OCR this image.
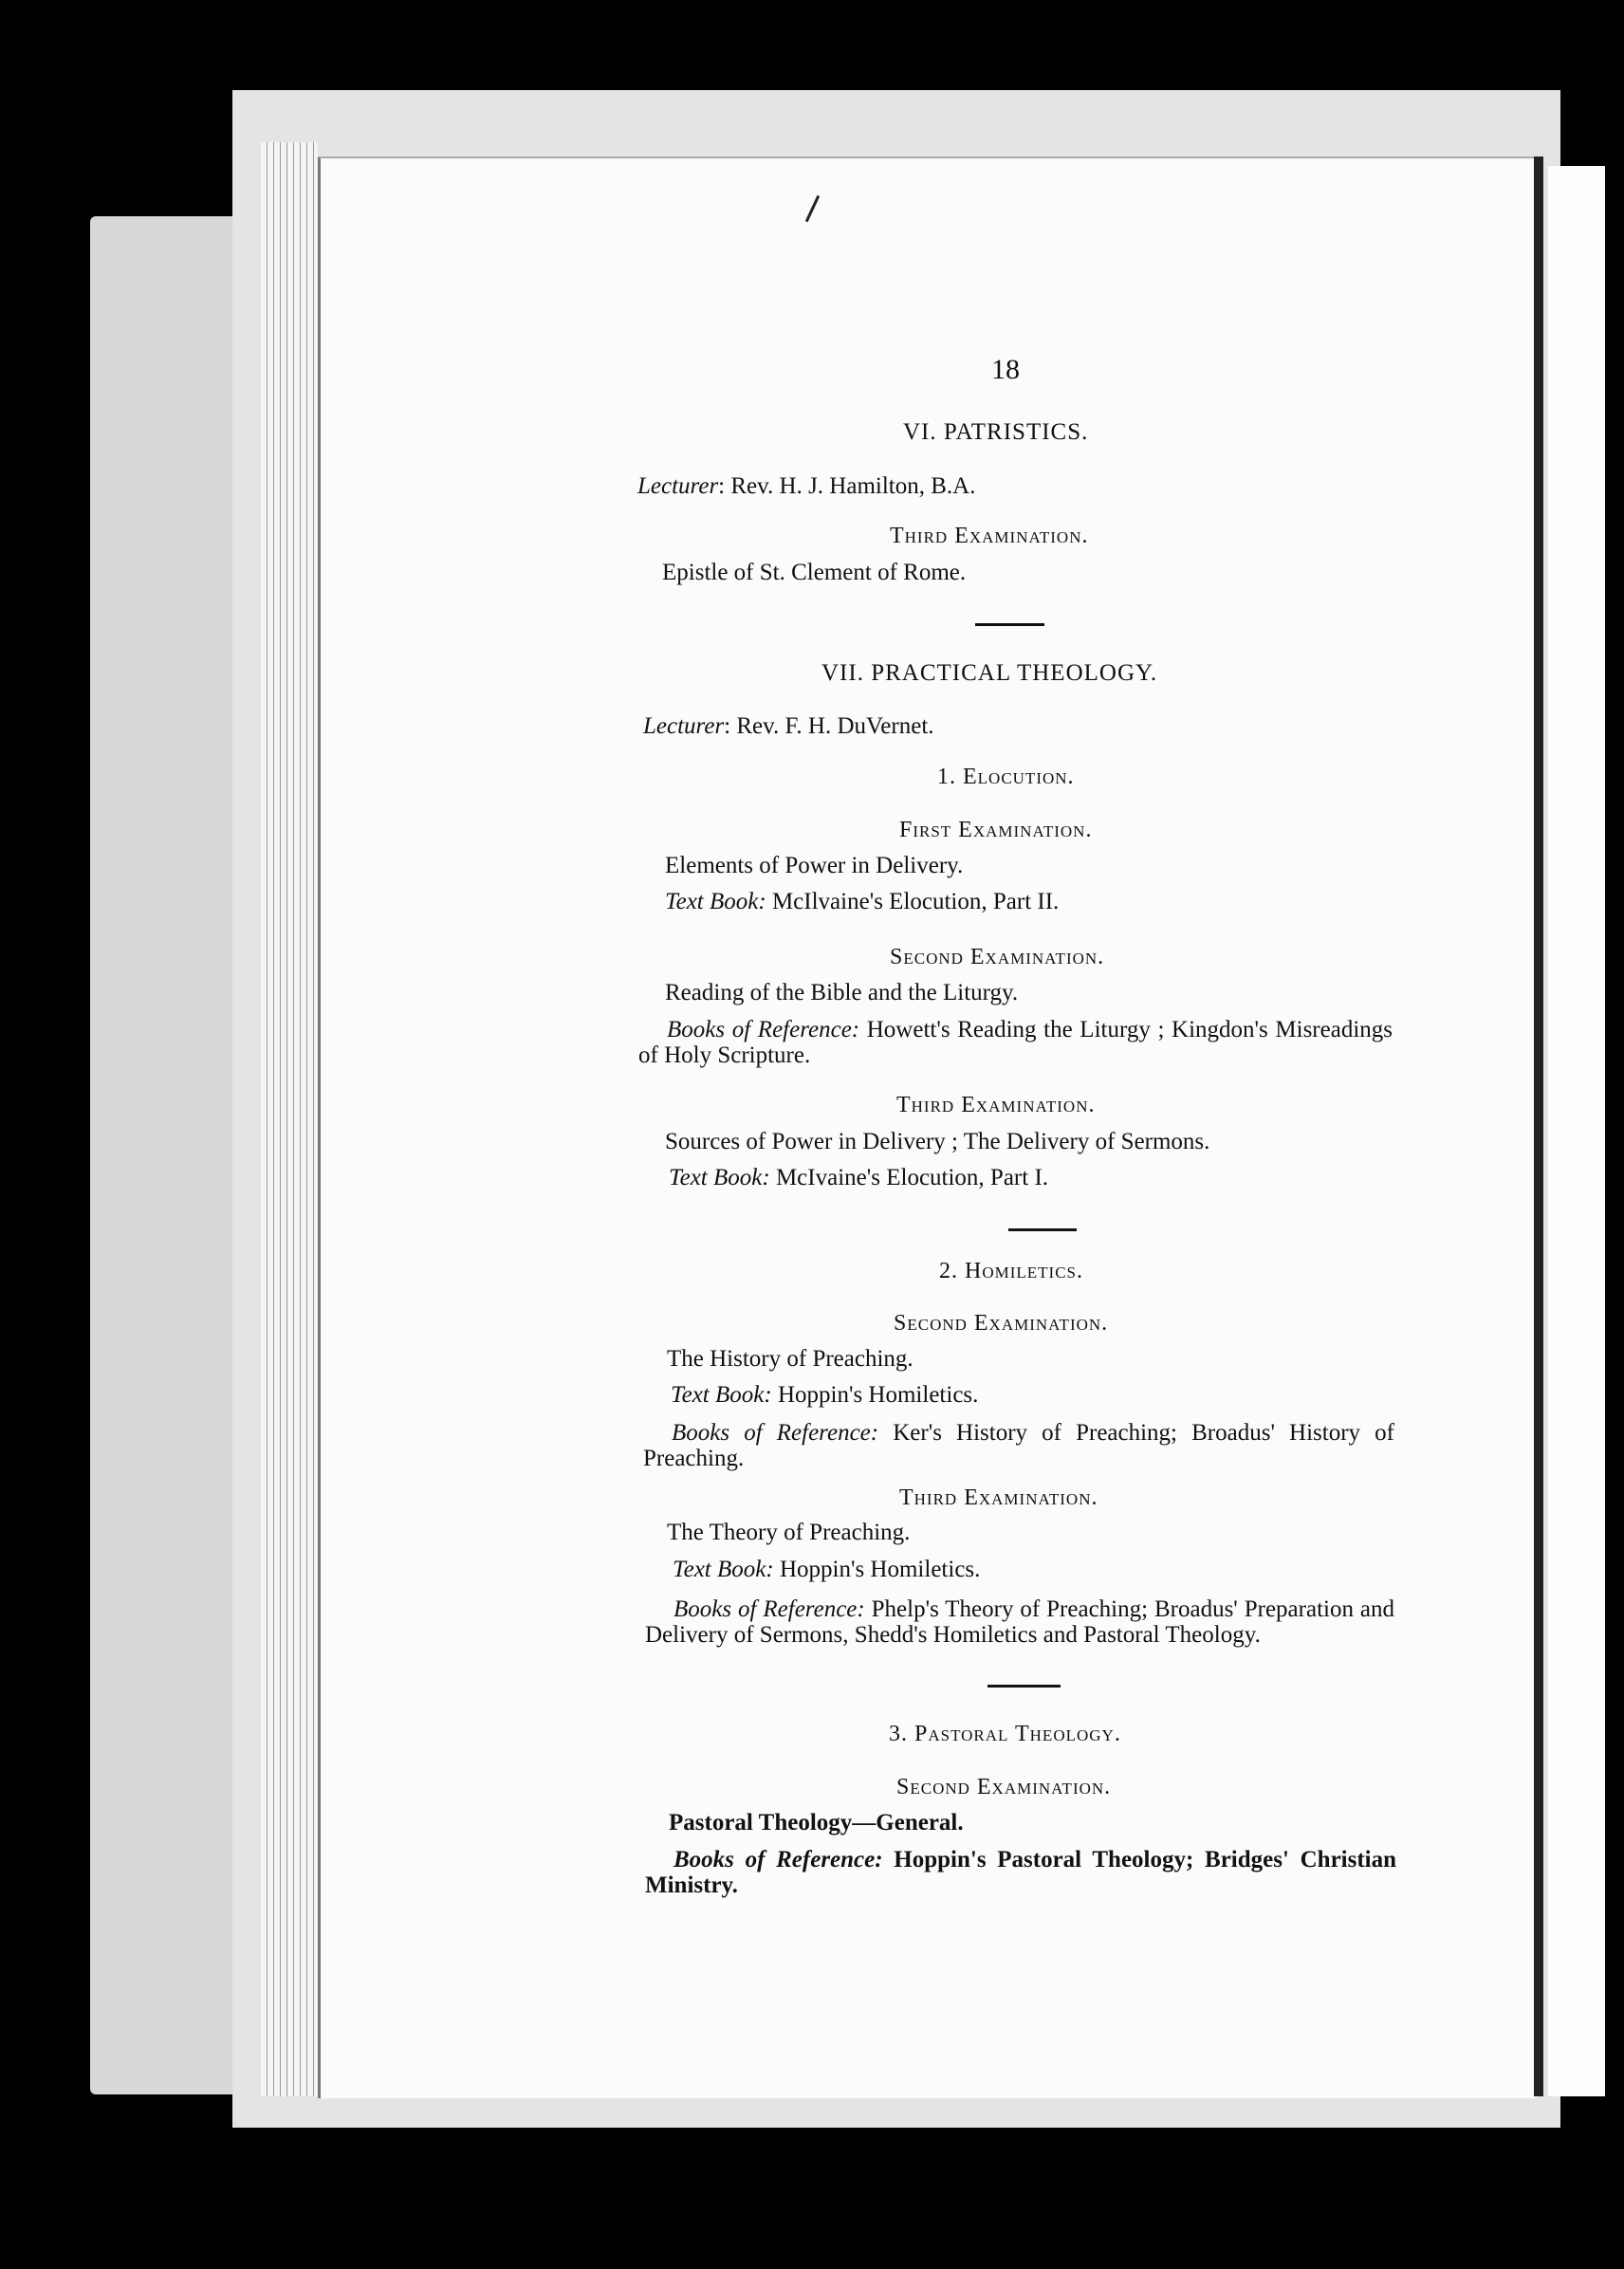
18
VI. PATRISTICS.
Lecturer: Rev. H. J. Hamilton, B.A.
Third Examination.
Epistle of St. Clement of Rome.
VII. PRACTICAL THEOLOGY.
Lecturer: Rev. F. H. DuVernet.
1. Elocution.
First Examination.
Elements of Power in Delivery.
Text Book: McIlvaine's Elocution, Part II.
Second Examination.
Reading of the Bible and the Liturgy.
Books of Reference: Howett's Reading the Liturgy ; Kingdon's Misreadings of Holy Scripture.
Third Examination.
Sources of Power in Delivery ; The Delivery of Sermons.
Text Book: McIvaine's Elocution, Part I.
2. Homiletics.
Second Examination.
The History of Preaching.
Text Book: Hoppin's Homiletics.
Books of Reference: Ker's History of Preaching; Broadus' History of Preaching.
Third Examination.
The Theory of Preaching.
Text Book: Hoppin's Homiletics.
Books of Reference: Phelp's Theory of Preaching; Broadus' Preparation and Delivery of Sermons, Shedd's Homiletics and Pastoral Theology.
3. Pastoral Theology.
Second Examination.
Pastoral Theology—General.
Books of Reference: Hoppin's Pastoral Theology; Bridges' Christian Ministry.
